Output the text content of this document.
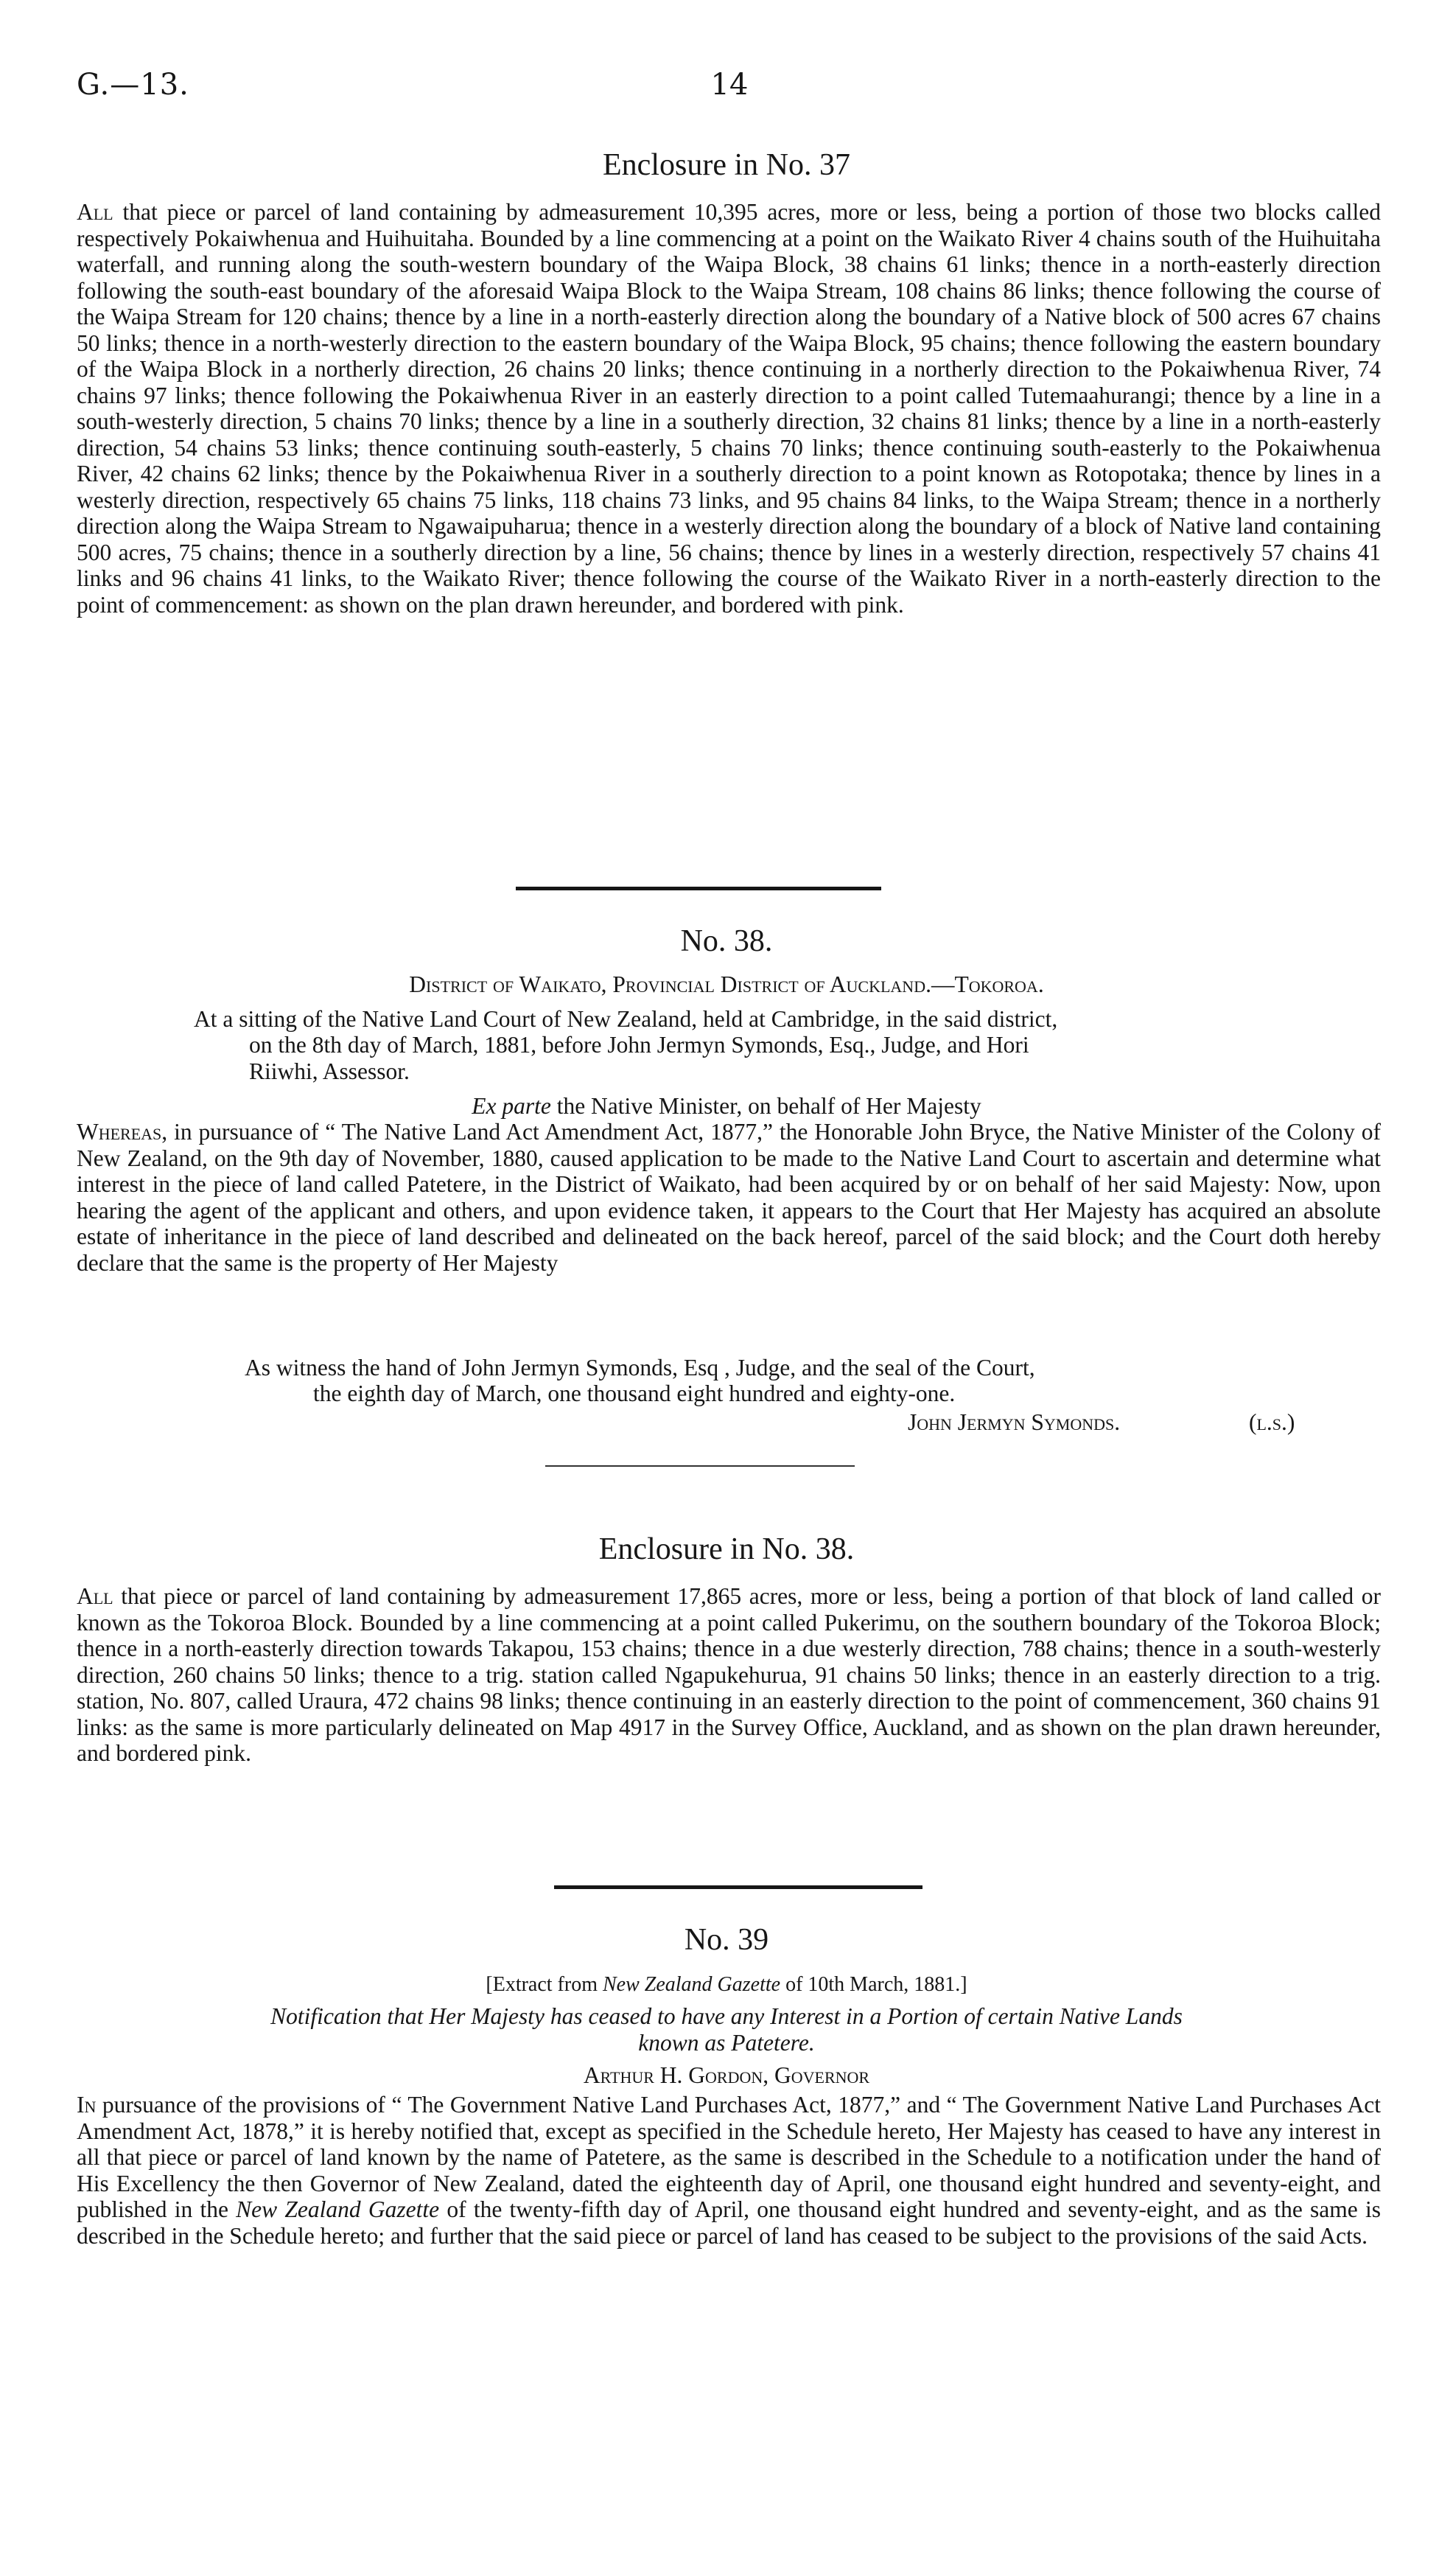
G.—13.	14
Enclosure in No. 37
All that piece or parcel of land containing by admeasurement 10,395 acres, more or less, being a portion of those two blocks called respectively Pokaiwhenua and Huihuitaha. Bounded by a line commencing at a point on the Waikato River 4 chains south of the Huihuitaha waterfall, and running along the south-western boundary of the Waipa Block, 38 chains 61 links; thence in a north-easterly direction following the south-east boundary of the aforesaid Waipa Block to the Waipa Stream, 108 chains 86 links; thence following the course of the Waipa Stream for 120 chains; thence by a line in a north-easterly direction along the boundary of a Native block of 500 acres 67 chains 50 links; thence in a north-westerly direction to the eastern boundary of the Waipa Block, 95 chains; thence following the eastern boundary of the Waipa Block in a northerly direction, 26 chains 20 links; thence continuing in a northerly direction to the Pokaiwhenua River, 74 chains 97 links; thence following the Pokaiwhenua River in an easterly direction to a point called Tutemaahurangi; thence by a line in a south-westerly direction, 5 chains 70 links; thence by a line in a southerly direction, 32 chains 81 links; thence by a line in a north-easterly direction, 54 chains 53 links; thence continuing south-easterly, 5 chains 70 links; thence continuing south-easterly to the Pokaiwhenua River, 42 chains 62 links; thence by the Pokaiwhenua River in a southerly direction to a point known as Rotopotaka; thence by lines in a westerly direction, respectively 65 chains 75 links, 118 chains 73 links, and 95 chains 84 links, to the Waipa Stream; thence in a northerly direction along the Waipa Stream to Ngawaipuharua; thence in a westerly direction along the boundary of a block of Native land containing 500 acres, 75 chains; thence in a southerly direction by a line, 56 chains; thence by lines in a westerly direction, respectively 57 chains 41 links and 96 chains 41 links, to the Waikato River; thence following the course of the Waikato River in a north-easterly direction to the point of commencement: as shown on the plan drawn hereunder, and bordered with pink.
No. 38.
District of Waikato, Provincial District of Auckland.—Tokoroa.
At a sitting of the Native Land Court of New Zealand, held at Cambridge, in the said district,
on the 8th day of March, 1881, before John Jermyn Symonds, Esq., Judge, and Hori
Riiwhi, Assessor.
Ex parte the Native Minister, on behalf of Her Majesty
Whereas, in pursuance of “ The Native Land Act Amendment Act, 1877,” the Honorable John Bryce, the Native Minister of the Colony of New Zealand, on the 9th day of November, 1880, caused application to be made to the Native Land Court to ascertain and determine what interest in the piece of land called Patetere, in the District of Waikato, had been acquired by or on behalf of her said Majesty: Now, upon hearing the agent of the applicant and others, and upon evidence taken, it appears to the Court that Her Majesty has acquired an absolute estate of inheritance in the piece of land described and delineated on the back hereof, parcel of the said block; and the Court doth hereby declare that the same is the property of Her Majesty
As witness the hand of John Jermyn Symonds, Esq , Judge, and the seal of the Court,
the eighth day of March, one thousand eight hundred and eighty-one.
John Jermyn Symonds.	(l.s.)
Enclosure in No. 38.
All that piece or parcel of land containing by admeasurement 17,865 acres, more or less, being a portion of that block of land called or known as the Tokoroa Block. Bounded by a line commencing at a point called Pukerimu, on the southern boundary of the Tokoroa Block; thence in a north-easterly direction towards Takapou, 153 chains; thence in a due westerly direction, 788 chains; thence in a south-westerly direction, 260 chains 50 links; thence to a trig. station called Ngapukehurua, 91 chains 50 links; thence in an easterly direction to a trig. station, No. 807, called Uraura, 472 chains 98 links; thence continuing in an easterly direction to the point of commencement, 360 chains 91 links: as the same is more particularly delineated on Map 4917 in the Survey Office, Auckland, and as shown on the plan drawn hereunder, and bordered pink.
No. 39
[Extract from New Zealand Gazette of 10th March, 1881.]
Notification that Her Majesty has ceased to have any Interest in a Portion of certain Native Lands
known as Patetere.
Arthur H. Gordon, Governor
In pursuance of the provisions of “ The Government Native Land Purchases Act, 1877,” and “ The Government Native Land Purchases Act Amendment Act, 1878,” it is hereby notified that, except as specified in the Schedule hereto, Her Majesty has ceased to have any interest in all that piece or parcel of land known by the name of Patetere, as the same is described in the Schedule to a notification under the hand of His Excellency the then Governor of New Zealand, dated the eighteenth day of April, one thousand eight hundred and seventy-eight, and published in the New Zealand Gazette of the twenty-fifth day of April, one thousand eight hundred and seventy-eight, and as the same is described in the Schedule hereto; and further that the said piece or parcel of land has ceased to be subject to the provisions of the said Acts.
